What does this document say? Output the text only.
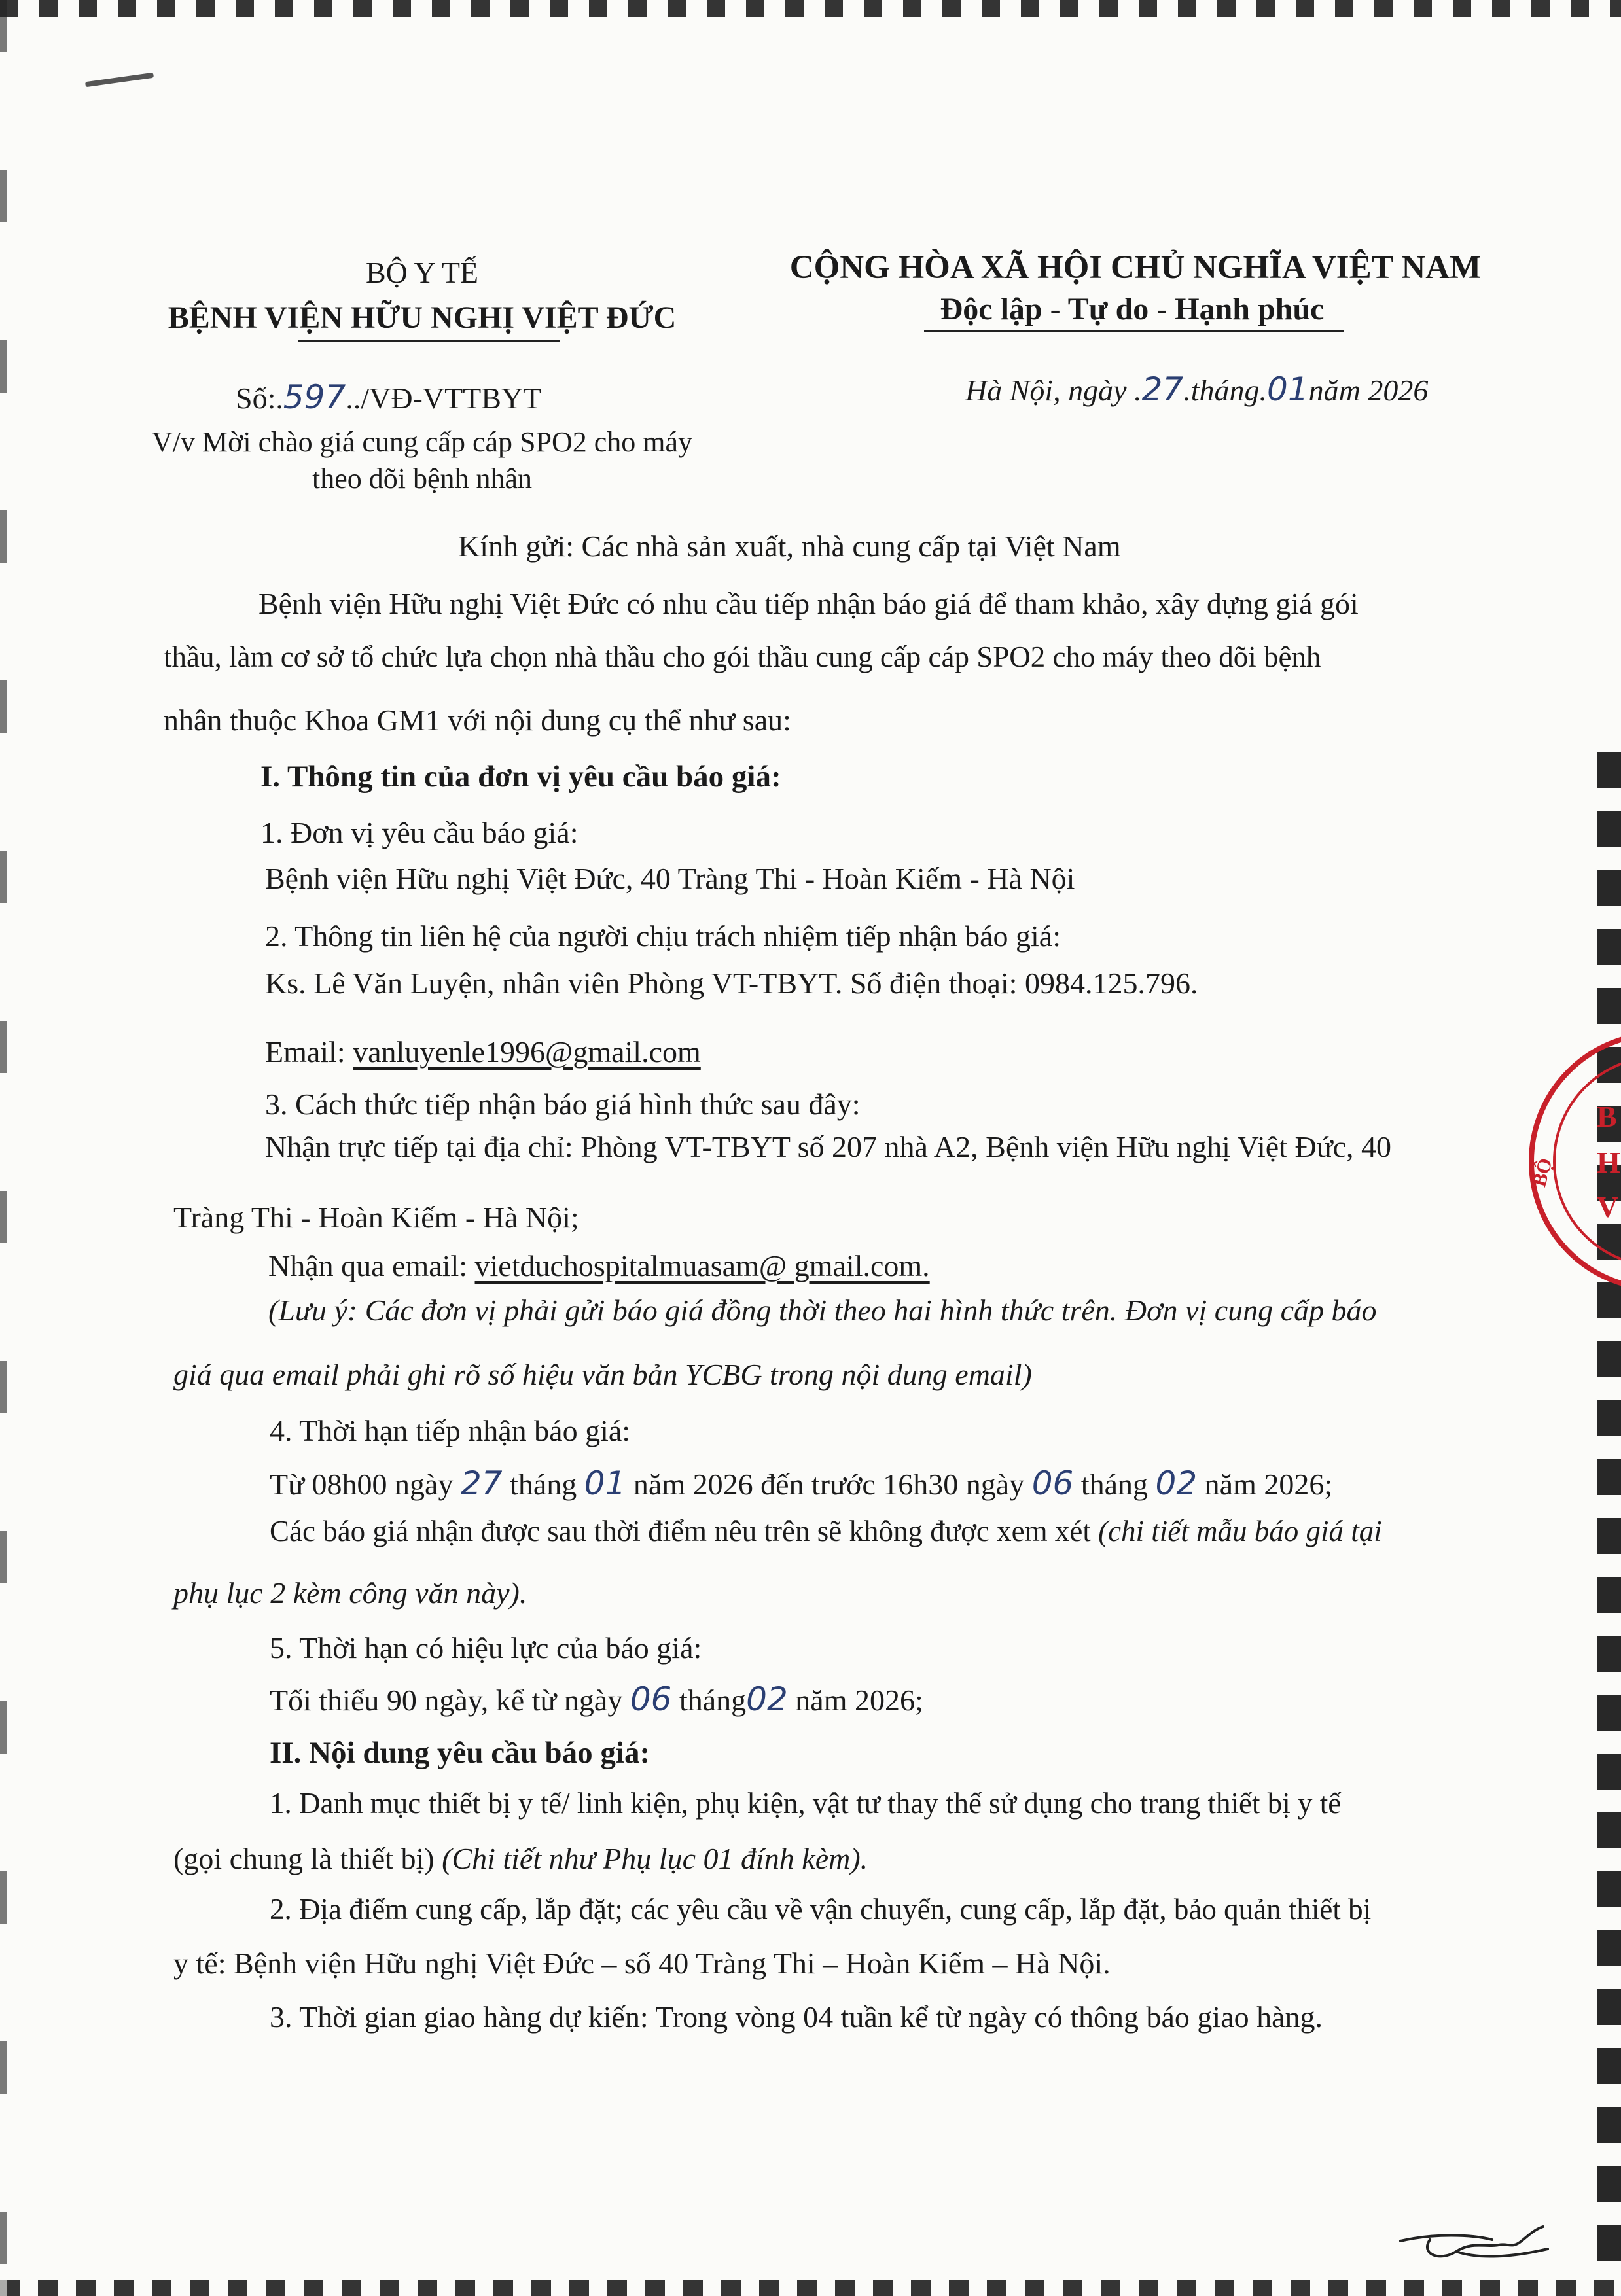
BỘ Y TẾ
BỆNH VIỆN HỮU NGHỊ VIỆT ĐỨC
Số:.597../VĐ-VTTBYT
V/v Mời chào giá cung cấp cáp SPO2 cho máy
theo dõi bệnh nhân
CỘNG HÒA XÃ HỘI CHỦ NGHĨA VIỆT NAM
Độc lập - Tự do - Hạnh phúc
Hà Nội, ngày .27.tháng.01năm 2026

Kính gửi: Các nhà sản xuất, nhà cung cấp tại Việt Nam

Bệnh viện Hữu nghị Việt Đức có nhu cầu tiếp nhận báo giá để tham khảo, xây dựng giá gói

thầu, làm cơ sở tổ chức lựa chọn nhà thầu cho gói thầu cung cấp cáp SPO2 cho máy theo dõi bệnh

nhân thuộc Khoa GM1 với nội dung cụ thể như sau:

I. Thông tin của đơn vị yêu cầu báo giá:

1. Đơn vị yêu cầu báo giá:

Bệnh viện Hữu nghị Việt Đức, 40 Tràng Thi - Hoàn Kiếm - Hà Nội

2. Thông tin liên hệ của người chịu trách nhiệm tiếp nhận báo giá:

Ks. Lê Văn Luyện, nhân viên Phòng VT-TBYT. Số điện thoại: 0984.125.796.

Email: vanluyenle1996@gmail.com

3. Cách thức tiếp nhận báo giá hình thức sau đây:

Nhận trực tiếp tại địa chỉ: Phòng VT-TBYT số 207 nhà A2, Bệnh viện Hữu nghị Việt Đức, 40

Tràng Thi - Hoàn Kiếm - Hà Nội;

Nhận qua email: vietduchospitalmuasam@ gmail.com.

(Lưu ý: Các đơn vị phải gửi báo giá đồng thời theo hai hình thức trên. Đơn vị cung cấp báo

giá qua email phải ghi rõ số hiệu văn bản YCBG trong nội dung email)

4. Thời hạn tiếp nhận báo giá:

Từ 08h00 ngày 27 tháng 01 năm 2026 đến trước 16h30 ngày 06 tháng 02 năm 2026;

Các báo giá nhận được sau thời điểm nêu trên sẽ không được xem xét (chi tiết mẫu báo giá tại

phụ lục 2 kèm công văn này).

5. Thời hạn có hiệu lực của báo giá:

Tối thiểu 90 ngày, kể từ ngày 06 tháng02 năm 2026;

II. Nội dung yêu cầu báo giá:

1. Danh mục thiết bị y tế/ linh kiện, phụ kiện, vật tư thay thế sử dụng cho trang thiết bị y tế

(gọi chung là thiết bị) (Chi tiết như Phụ lục 01 đính kèm).

2. Địa điểm cung cấp, lắp đặt; các yêu cầu về vận chuyển, cung cấp, lắp đặt, bảo quản thiết bị

y tế: Bệnh viện Hữu nghị Việt Đức – số 40 Tràng Thi – Hoàn Kiếm – Hà Nội.

3. Thời gian giao hàng dự kiến: Trong vòng 04 tuần kể từ ngày có thông báo giao hàng.

B
H
V
BỘ
